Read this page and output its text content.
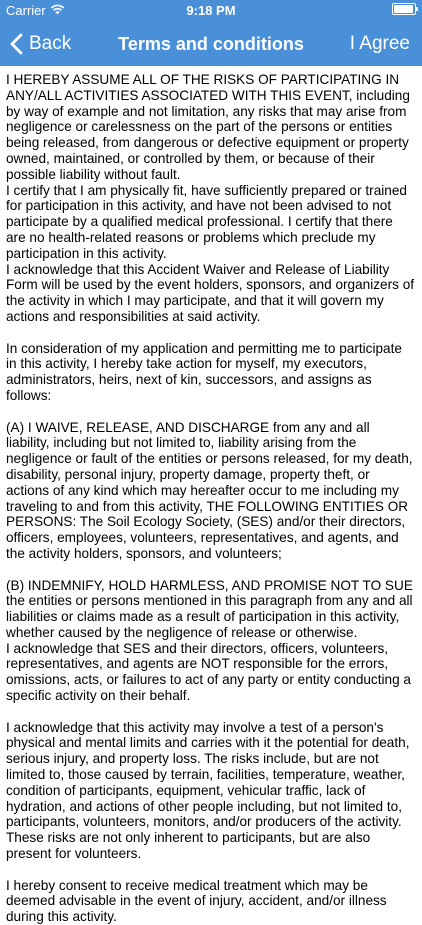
Carrier	9:18 PM
Back	Terms and conditions	I Agree

I HEREBY ASSUME ALL OF THE RISKS OF PARTICIPATING IN ANY/ALL ACTIVITIES ASSOCIATED WITH THIS EVENT, including by way of example and not limitation, any risks that may arise from negligence or carelessness on the part of the persons or entities being released, from dangerous or defective equipment or property owned, maintained, or controlled by them, or because of their possible liability without fault.
I certify that I am physically fit, have sufficiently prepared or trained for participation in this activity, and have not been advised to not participate by a qualified medical professional. I certify that there are no health-related reasons or problems which preclude my participation in this activity.
I acknowledge that this Accident Waiver and Release of Liability Form will be used by the event holders, sponsors, and organizers of the activity in which I may participate, and that it will govern my actions and responsibilities at said activity.

In consideration of my application and permitting me to participate in this activity, I hereby take action for myself, my executors, administrators, heirs, next of kin, successors, and assigns as follows:

(A) I WAIVE, RELEASE, AND DISCHARGE from any and all liability, including but not limited to, liability arising from the negligence or fault of the entities or persons released, for my death, disability, personal injury, property damage, property theft, or actions of any kind which may hereafter occur to me including my traveling to and from this activity, THE FOLLOWING ENTITIES OR PERSONS: The Soil Ecology Society, (SES) and/or their directors, officers, employees, volunteers, representatives, and agents, and the activity holders, sponsors, and volunteers;

(B) INDEMNIFY, HOLD HARMLESS, AND PROMISE NOT TO SUE the entities or persons mentioned in this paragraph from any and all liabilities or claims made as a result of participation in this activity, whether caused by the negligence of release or otherwise.
I acknowledge that SES and their directors, officers, volunteers, representatives, and agents are NOT responsible for the errors, omissions, acts, or failures to act of any party or entity conducting a specific activity on their behalf.

I acknowledge that this activity may involve a test of a person's physical and mental limits and carries with it the potential for death, serious injury, and property loss. The risks include, but are not limited to, those caused by terrain, facilities, temperature, weather, condition of participants, equipment, vehicular traffic, lack of hydration, and actions of other people including, but not limited to, participants, volunteers, monitors, and/or producers of the activity. These risks are not only inherent to participants, but are also present for volunteers.

I hereby consent to receive medical treatment which may be deemed advisable in the event of injury, accident, and/or illness during this activity.
